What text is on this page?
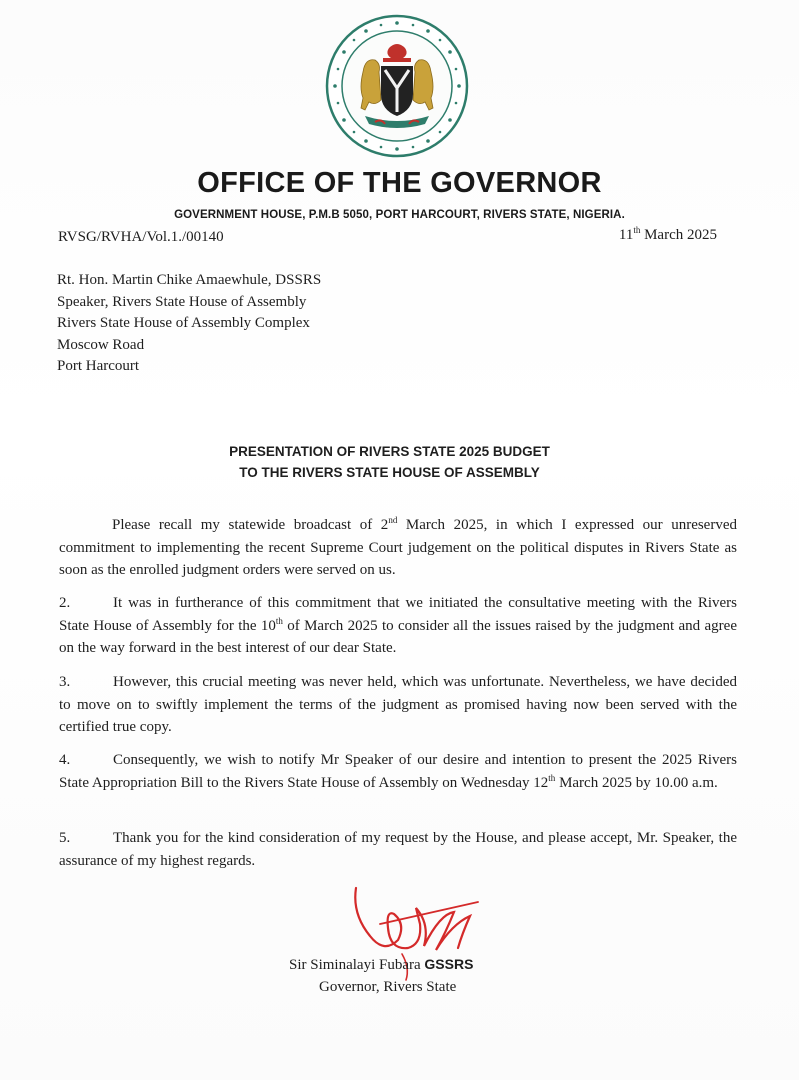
OFFICE OF THE GOVERNOR
GOVERNMENT HOUSE, P.M.B 5050, PORT HARCOURT, RIVERS STATE, NIGERIA.
RVSG/RVHA/Vol.1./00140	11th March 2025
Rt. Hon. Martin Chike Amaewhule, DSSRS
Speaker, Rivers State House of Assembly
Rivers State House of Assembly Complex
Moscow Road
Port Harcourt
PRESENTATION OF RIVERS STATE 2025 BUDGET
TO THE RIVERS STATE HOUSE OF ASSEMBLY
Please recall my statewide broadcast of 2nd March 2025, in which I expressed our unreserved commitment to implementing the recent Supreme Court judgement on the political disputes in Rivers State as soon as the enrolled judgment orders were served on us.
2.	It was in furtherance of this commitment that we initiated the consultative meeting with the Rivers State House of Assembly for the 10th of March 2025 to consider all the issues raised by the judgment and agree on the way forward in the best interest of our dear State.
3.	However, this crucial meeting was never held, which was unfortunate. Nevertheless, we have decided to move on to swiftly implement the terms of the judgment as promised having now been served with the certified true copy.
4.	Consequently, we wish to notify Mr Speaker of our desire and intention to present the 2025 Rivers State Appropriation Bill to the Rivers State House of Assembly on Wednesday 12th March 2025 by 10.00 a.m.
5.	Thank you for the kind consideration of my request by the House, and please accept, Mr. Speaker, the assurance of my highest regards.
Sir Siminalayi Fubara GSSRS
Governor, Rivers State
